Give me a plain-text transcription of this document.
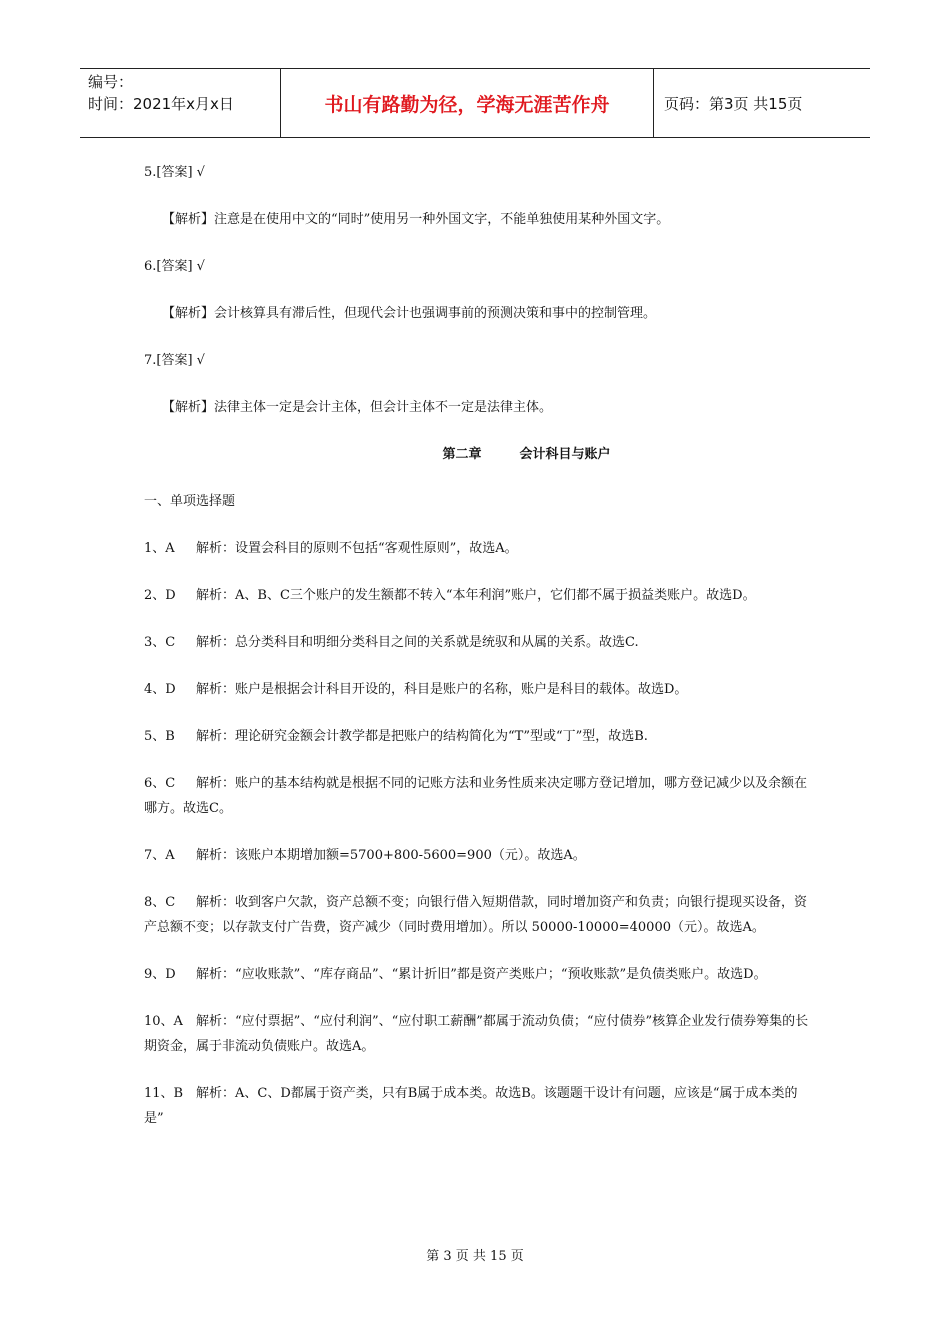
编号：
时间：2021年x月x日	书山有路勤为径，学海无涯苦作舟	页码：第3页 共15页

5.[答案] √

【解析】注意是在使用中文的“同时”使用另一种外国文字，不能单独使用某种外国文字。

6.[答案] √

【解析】会计核算具有滞后性，但现代会计也强调事前的预测决策和事中的控制管理。

7.[答案] √

【解析】法律主体一定是会计主体，但会计主体不一定是法律主体。

第二章	会计科目与账户

一、单项选择题

1、A 解析：设置会科目的原则不包括“客观性原则”，故选A。

2、D 解析：A、B、C三个账户的发生额都不转入“本年利润”账户，它们都不属于损益类账户。故选D。

3、C 解析：总分类科目和明细分类科目之间的关系就是统驭和从属的关系。故选C.

4、D 解析：账户是根据会计科目开设的，科目是账户的名称，账户是科目的载体。故选D。

5、B 解析：理论研究金额会计教学都是把账户的结构简化为“T”型或“丁”型，故选B.

6、C 解析：账户的基本结构就是根据不同的记账方法和业务性质来决定哪方登记增加，哪方登记减少以及余额在哪方。故选C。

7、A 解析：该账户本期增加额=5700+800-5600=900（元）。故选A。

8、C 解析：收到客户欠款，资产总额不变；向银行借入短期借款，同时增加资产和负责；向银行提现买设备，资产总额不变；以存款支付广告费，资产减少（同时费用增加）。所以 50000-10000=40000（元）。故选A。

9、D 解析：“应收账款”、“库存商品”、“累计折旧”都是资产类账户；“预收账款”是负债类账户。故选D。

10、A 解析：“应付票据”、“应付利润”、“应付职工薪酬”都属于流动负债；“应付债券”核算企业发行债券筹集的长期资金，属于非流动负债账户。故选A。

11、B 解析：A、C、D都属于资产类，只有B属于成本类。故选B。该题题干设计有问题，应该是“属于成本类的是”

第 3 页 共 15 页
